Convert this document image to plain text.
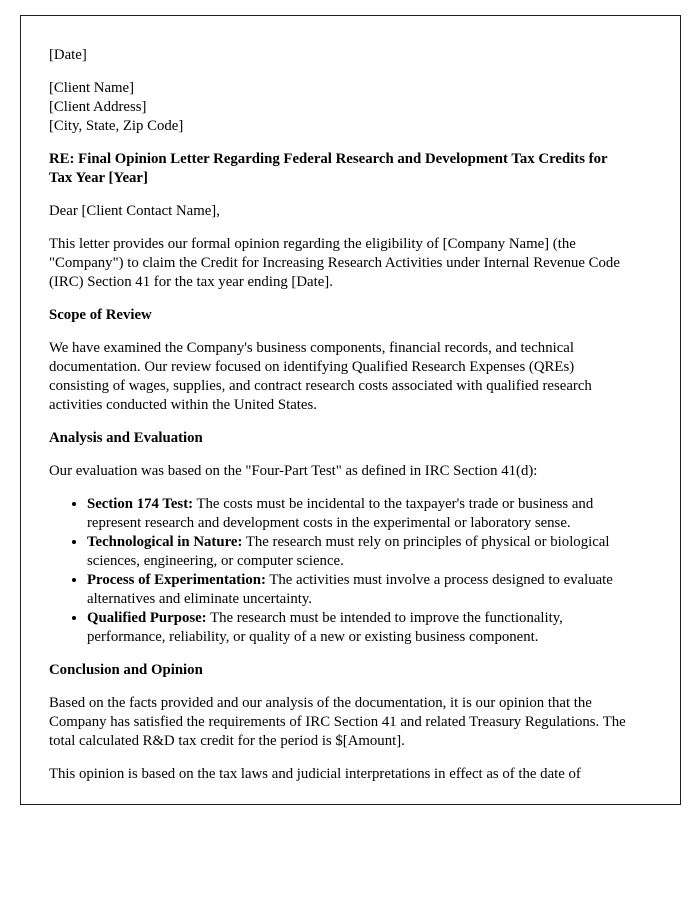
[Date]

[Client Name]
[Client Address]
[City, State, Zip Code]

RE: Final Opinion Letter Regarding Federal Research and Development Tax Credits for Tax Year [Year]

Dear [Client Contact Name],

This letter provides our formal opinion regarding the eligibility of [Company Name] (the "Company") to claim the Credit for Increasing Research Activities under Internal Revenue Code (IRC) Section 41 for the tax year ending [Date].

Scope of Review

We have examined the Company's business components, financial records, and technical documentation. Our review focused on identifying Qualified Research Expenses (QREs) consisting of wages, supplies, and contract research costs associated with qualified research activities conducted within the United States.

Analysis and Evaluation

Our evaluation was based on the "Four-Part Test" as defined in IRC Section 41(d):

• Section 174 Test: The costs must be incidental to the taxpayer's trade or business and represent research and development costs in the experimental or laboratory sense.
• Technological in Nature: The research must rely on principles of physical or biological sciences, engineering, or computer science.
• Process of Experimentation: The activities must involve a process designed to evaluate alternatives and eliminate uncertainty.
• Qualified Purpose: The research must be intended to improve the functionality, performance, reliability, or quality of a new or existing business component.

Conclusion and Opinion

Based on the facts provided and our analysis of the documentation, it is our opinion that the Company has satisfied the requirements of IRC Section 41 and related Treasury Regulations. The total calculated R&D tax credit for the period is $[Amount].

This opinion is based on the tax laws and judicial interpretations in effect as of the date of
